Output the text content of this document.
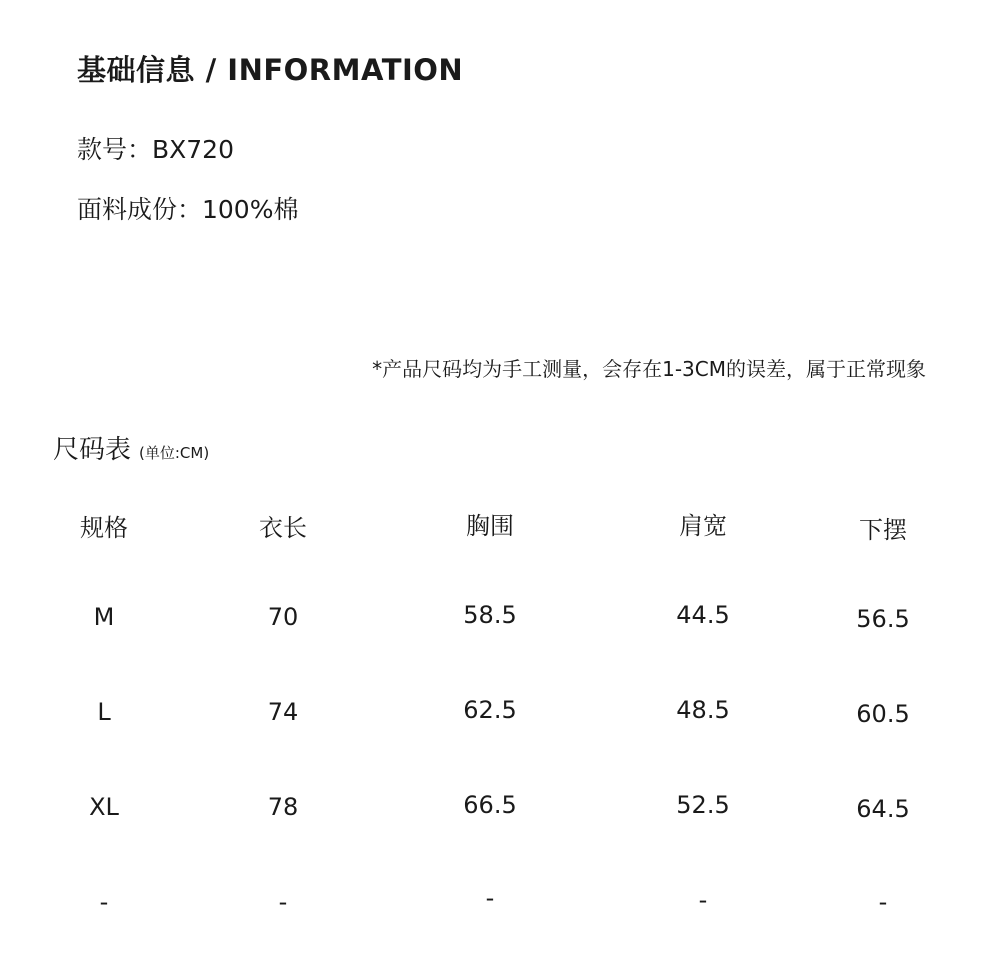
基础信息 / INFORMATION
款号：BX720
面料成份：100%棉
*产品尺码均为手工测量，会存在1-3CM的误差，属于正常现象
尺码表 (单位:CM)
规格	衣长	胸围	肩宽	下摆
M	70	58.5	44.5	56.5
L	74	62.5	48.5	60.5
XL	78	66.5	52.5	64.5
-	-	-	-	-
